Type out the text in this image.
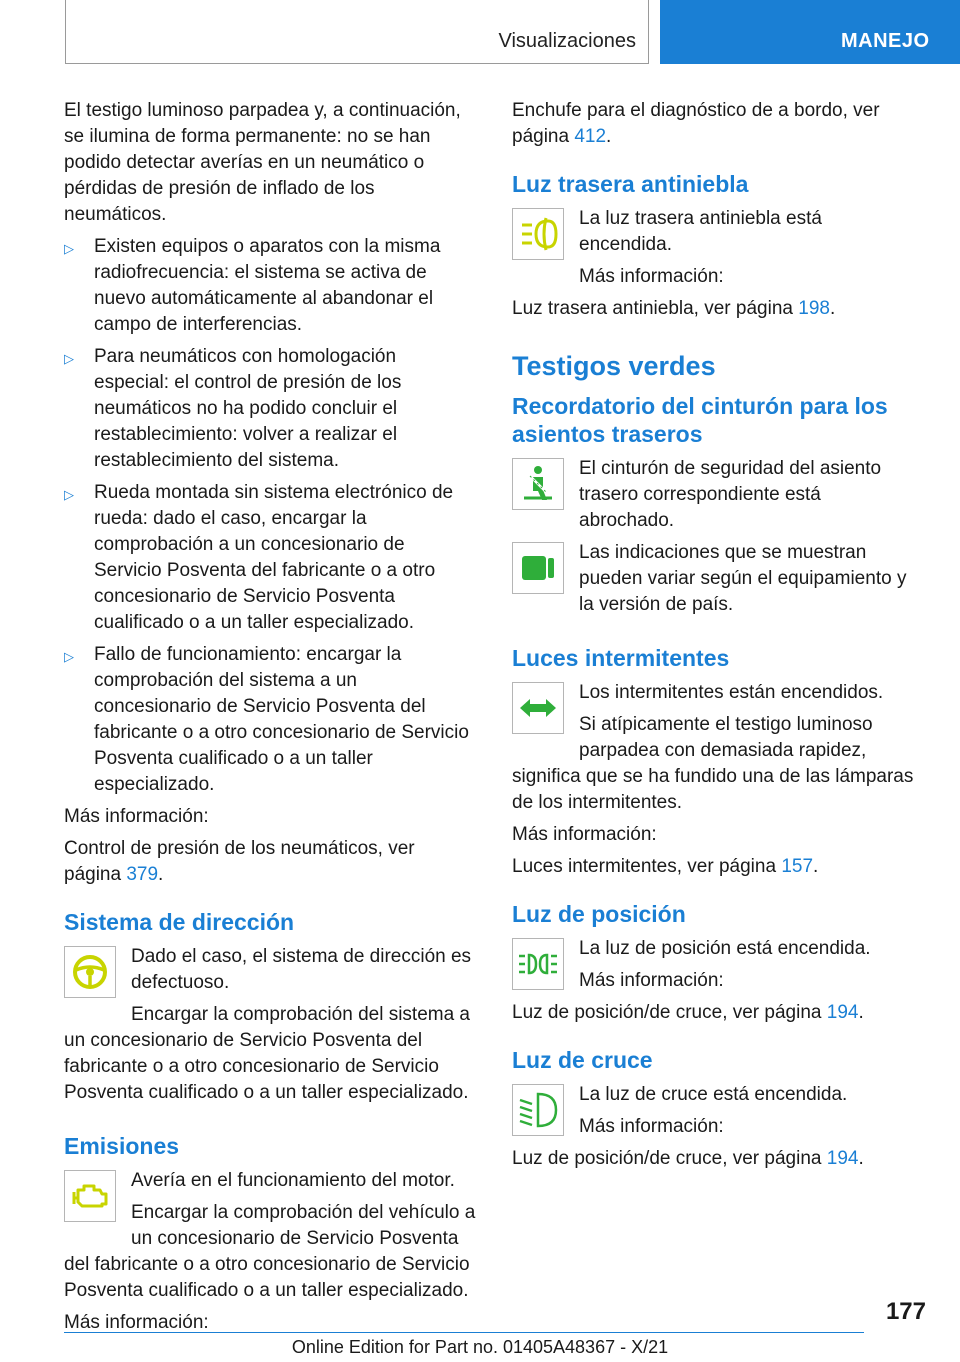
Visualizaciones	MANEJO

El testigo luminoso parpadea y, a continuación, se ilumina de forma permanente: no se han podido detectar averías en un neumático o pérdidas de presión de inflado de los neumáticos.

▷ Existen equipos o aparatos con la misma radiofrecuencia: el sistema se activa de nuevo automáticamente al abandonar el campo de interferencias.
▷ Para neumáticos con homologación especial: el control de presión de los neumáticos no ha podido concluir el restablecimiento: volver a realizar el restablecimiento del sistema.
▷ Rueda montada sin sistema electrónico de rueda: dado el caso, encargar la comprobación a un concesionario de Servicio Posventa del fabricante o a otro concesionario de Servicio Posventa cualificado o a un taller especializado.
▷ Fallo de funcionamiento: encargar la comprobación del sistema a un concesionario de Servicio Posventa del fabricante o a otro concesionario de Servicio Posventa cualificado o a un taller especializado.

Más información:

Control de presión de los neumáticos, ver página 379.

Sistema de dirección

Dado el caso, el sistema de dirección es defectuoso.

Encargar la comprobación del sistema a un concesionario de Servicio Posventa del fabricante o a otro concesionario de Servicio Posventa cualificado o a un taller especializado.

Emisiones

Avería en el funcionamiento del motor.

Encargar la comprobación del vehículo a un concesionario de Servicio Posventa del fabricante o a otro concesionario de Servicio Posventa cualificado o a un taller especializado.

Más información:

Enchufe para el diagnóstico de a bordo, ver página 412.

Luz trasera antiniebla

La luz trasera antiniebla está encendida.

Más información:

Luz trasera antiniebla, ver página 198.

Testigos verdes
Recordatorio del cinturón para los asientos traseros

El cinturón de seguridad del asiento trasero correspondiente está abrochado.

Las indicaciones que se muestran pueden variar según el equipamiento y la versión de país.

Luces intermitentes

Los intermitentes están encendidos.

Si atípicamente el testigo luminoso parpadea con demasiada rapidez, significa que se ha fundido una de las lámparas de los intermitentes.

Más información:

Luces intermitentes, ver página 157.

Luz de posición

La luz de posición está encendida.

Más información:

Luz de posición/de cruce, ver página 194.

Luz de cruce

La luz de cruce está encendida.

Más información:

Luz de posición/de cruce, ver página 194.

177
Online Edition for Part no. 01405A48367 - X/21
